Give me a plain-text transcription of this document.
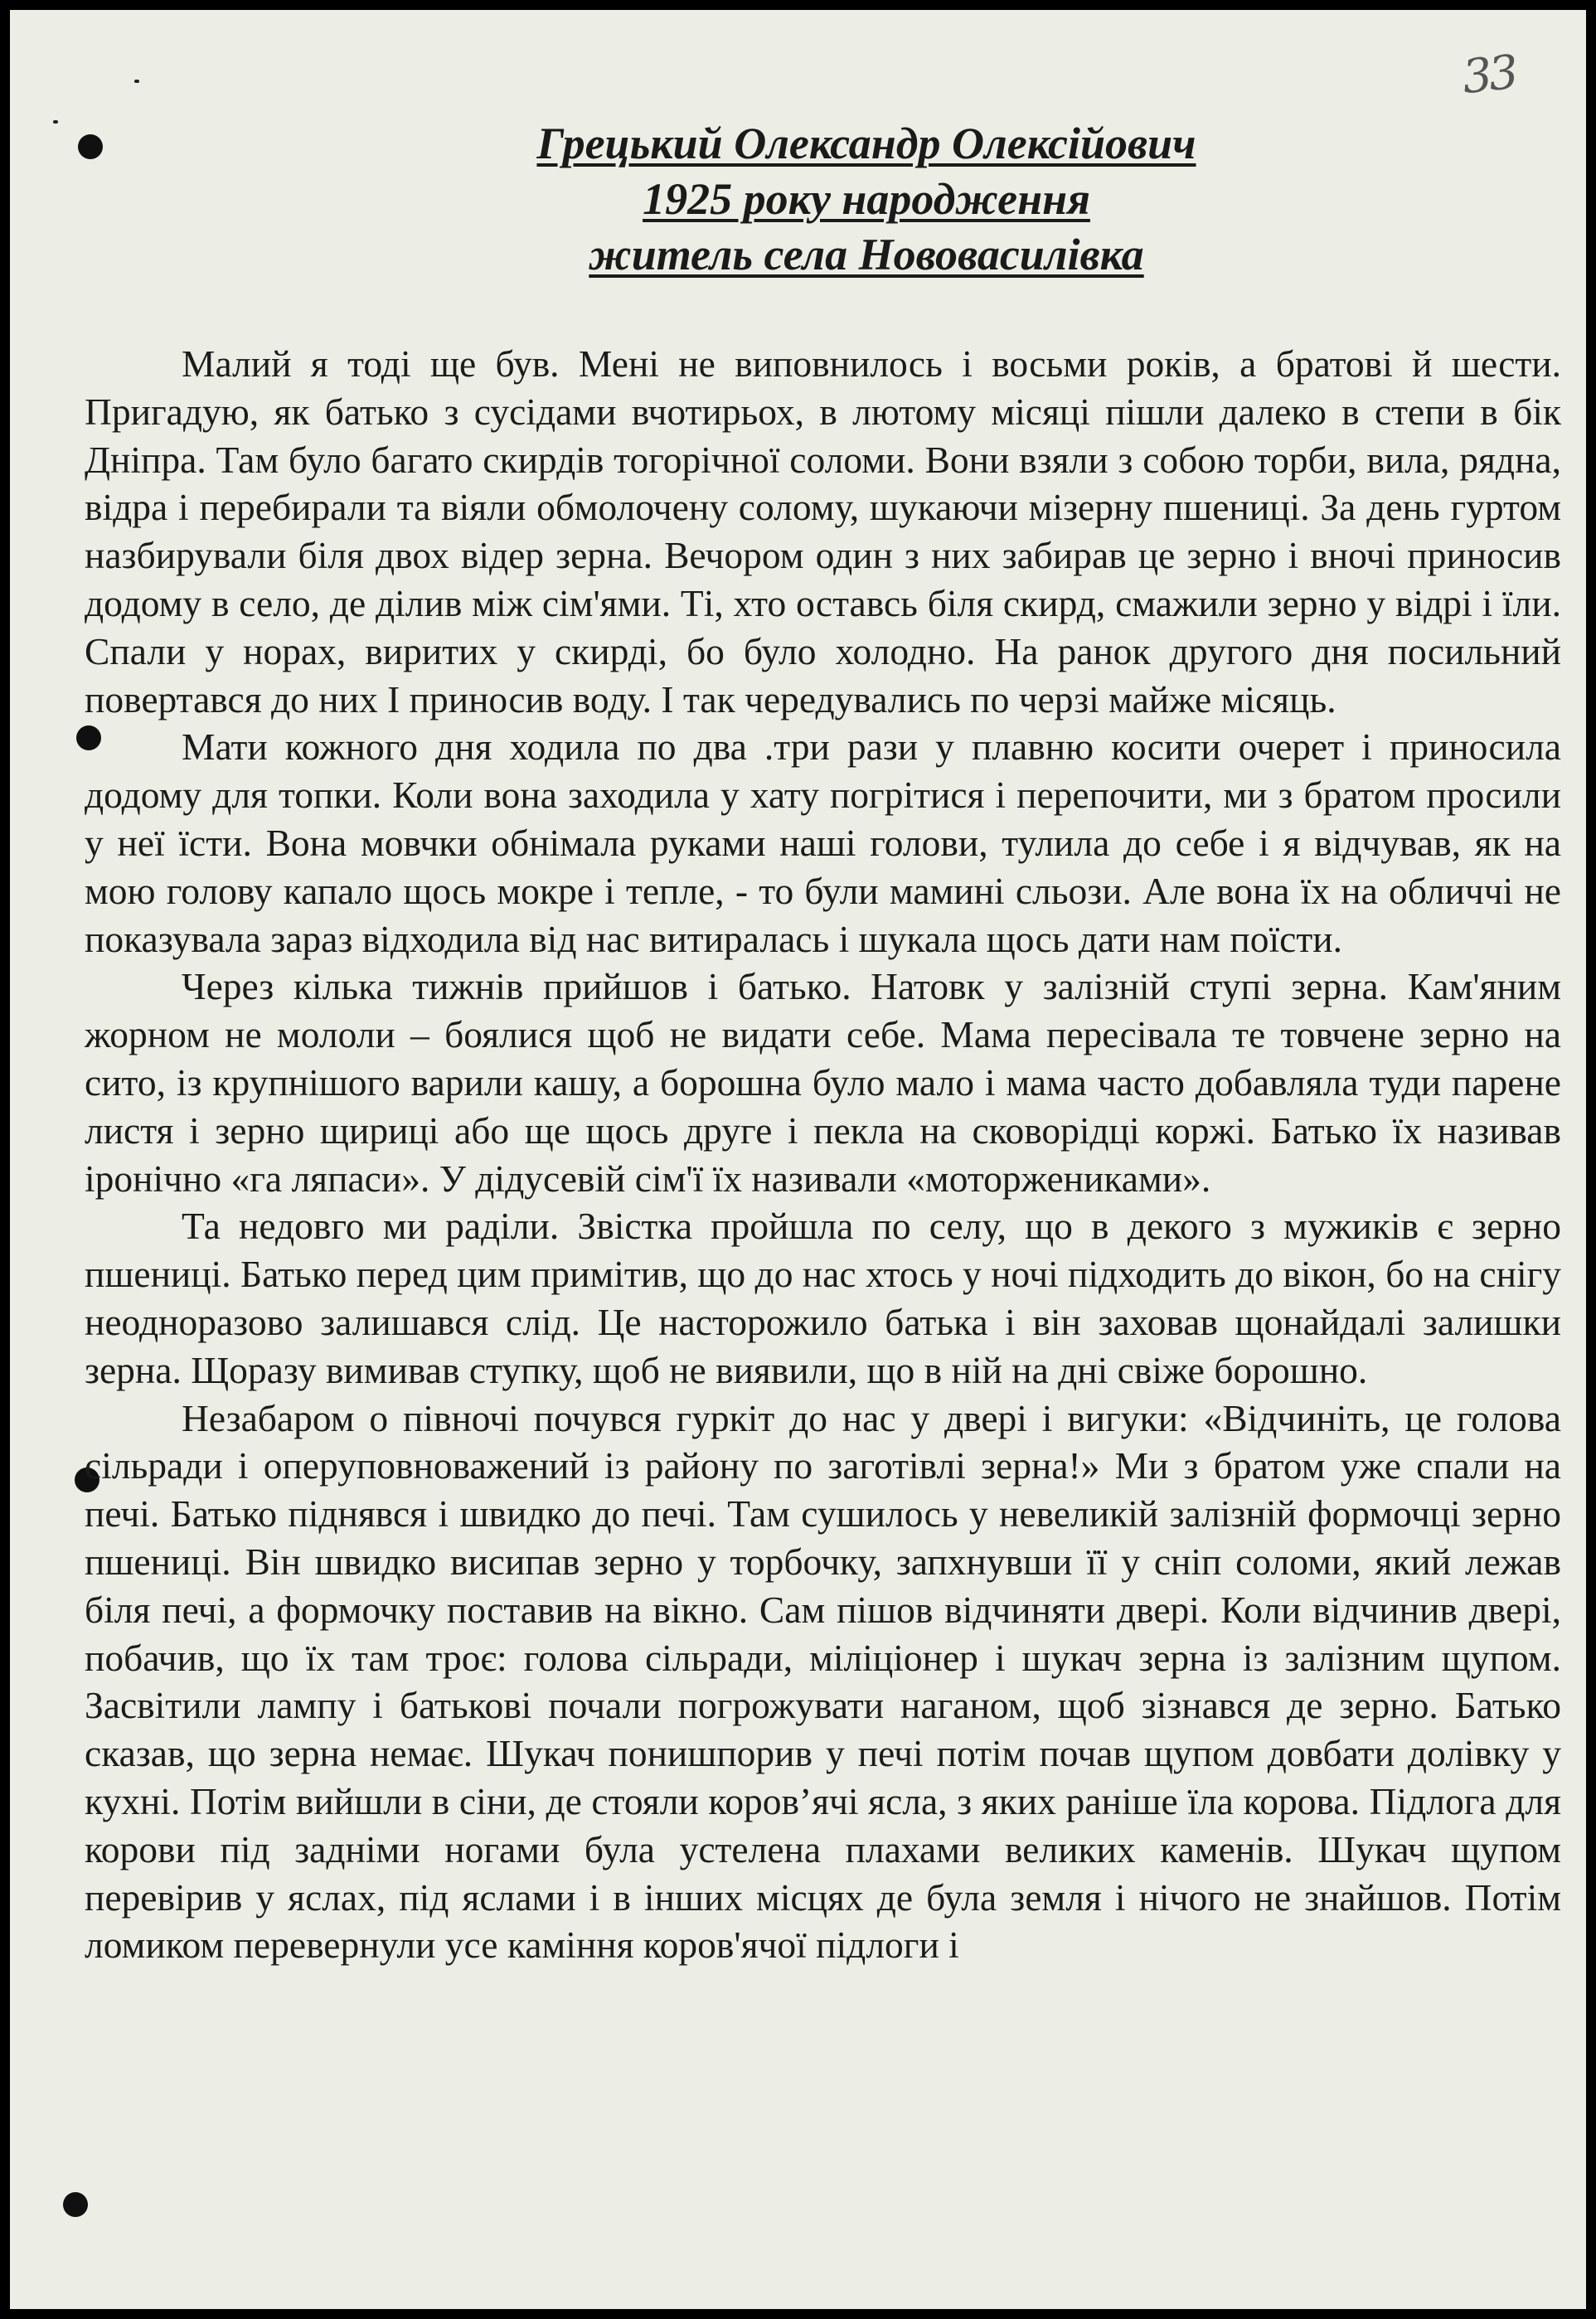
33
Грецький Олександр Олексійович
1925 року народження
житель села Нововасилівка

Малий я тоді ще був. Мені не виповнилось і восьми років, а братові й шести. Пригадую, як батько з сусідами вчотирьох, в лютому місяці пішли далеко в степи в бік Дніпра. Там було багато скирдів тогорічної соломи. Вони взяли з собою торби, вила, рядна, відра і перебирали та віяли обмолочену солому, шукаючи мізерну пшениці. За день гуртом назбирували біля двох відер зерна. Вечором один з них забирав це зерно і вночі приносив додому в село, де ділив між сім'ями. Ті, хто оставсь біля скирд, смажили зерно у відрі і їли. Спали у норах, виритих у скирді, бо було холодно. На ранок другого дня посильний повертався до них І приносив воду. І так чередувались по черзі майже місяць.

Мати кожного дня ходила по два .три рази у плавню косити очерет і приносила додому для топки. Коли вона заходила у хату погрітися і перепочити, ми з братом просили у неї їсти. Вона мовчки обнімала руками наші голови, тулила до себе і я відчував, як на мою голову капало щось мокре і тепле, - то були мамині сльози. Але вона їх на обличчі не показувала зараз відходила від нас витиралась і шукала щось дати нам поїсти.

Через кілька тижнів прийшов і батько. Натовк у залізній ступі зерна. Кам'яним жорном не мололи – боялися щоб не видати себе. Мама пересівала те товчене зерно на сито, із крупнішого варили кашу, а борошна було мало і мама часто добавляла туди парене листя і зерно щириці або ще щось друге і пекла на сковорідці коржі. Батько їх називав іронічно «га ляпаси». У дідусевій сім'ї їх називали «моторжениками».

Та недовго ми раділи. Звістка пройшла по селу, що в декого з мужиків є зерно пшениці. Батько перед цим примітив, що до нас хтось у ночі підходить до вікон, бо на снігу неодноразово залишався слід. Це насторожило батька і він заховав щонайдалі залишки зерна. Щоразу вимивав ступку, щоб не виявили, що в ній на дні свіже борошно.

Незабаром о півночі почувся гуркіт до нас у двері і вигуки: «Відчиніть, це голова сільради і оперуповноважений із району по заготівлі зерна!» Ми з братом уже спали на печі. Батько піднявся і швидко до печі. Там сушилось у невеликій залізній формочці зерно пшениці. Він швидко висипав зерно у торбочку, запхнувши її у сніп соломи, який лежав біля печі, а формочку поставив на вікно. Сам пішов відчиняти двері. Коли відчинив двері, побачив, що їх там троє: голова сільради, міліціонер і шукач зерна із залізним щупом. Засвітили лампу і батькові почали погрожувати наганом, щоб зізнався де зерно. Батько сказав, що зерна немає. Шукач понишпорив у печі потім почав щупом довбати долівку у кухні. Потім вийшли в сіни, де стояли коров’ячі ясла, з яких раніше їла корова. Підлога для корови під задніми ногами була устелена плахами великих каменів. Шукач щупом перевірив у яслах, під яслами і в інших місцях де була земля і нічого не знайшов. Потім ломиком перевернули усе каміння коров'ячої підлоги і
